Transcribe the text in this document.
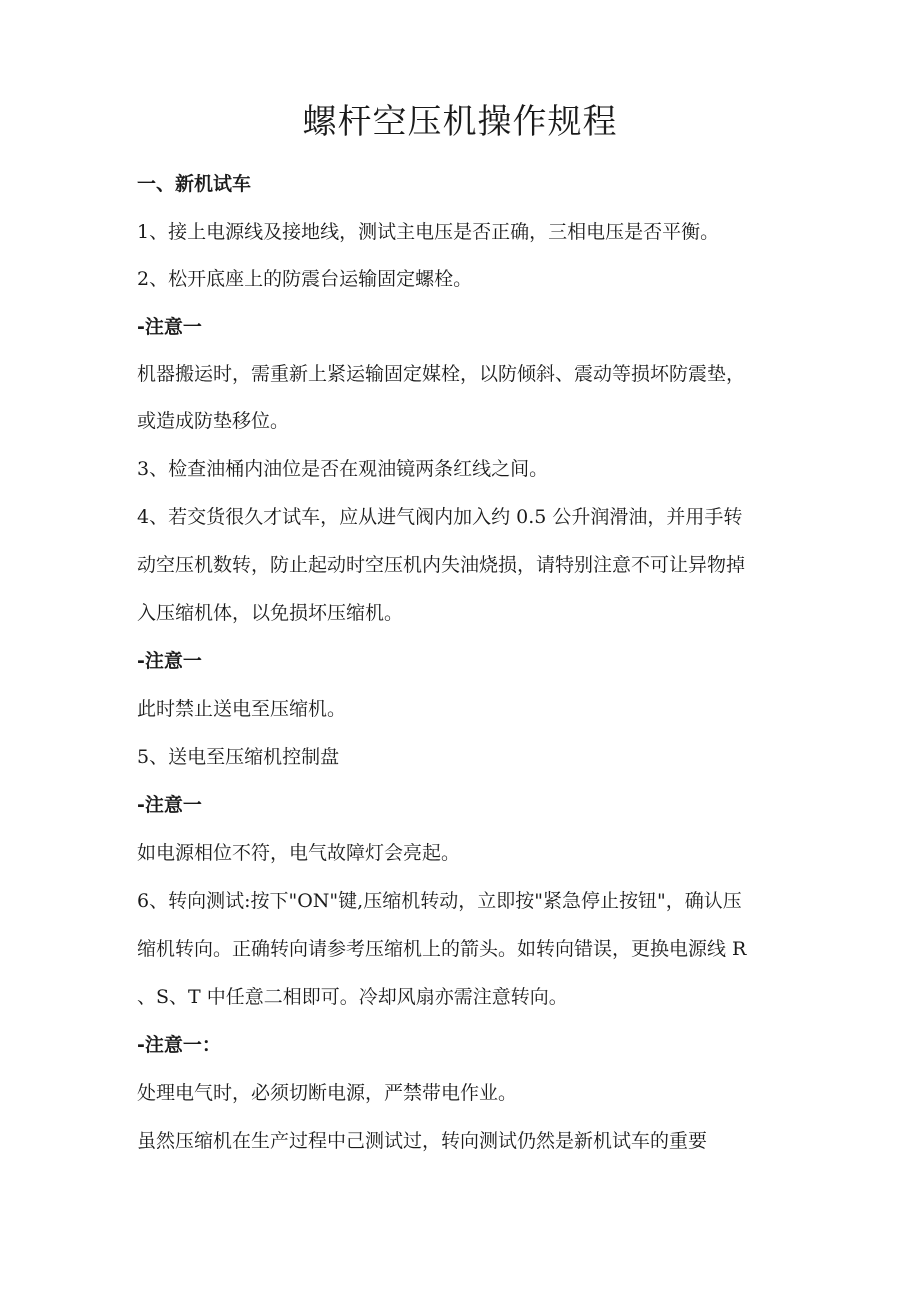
螺杆空压机操作规程

一、新机试车

1、接上电源线及接地线，测试主电压是否正确，三相电压是否平衡。

2、松开底座上的防震台运输固定螺栓。

-注意一

机器搬运时，需重新上紧运输固定媒栓，以防倾斜、震动等损坏防震垫，

或造成防垫移位。

3、检查油桶内油位是否在观油镜两条红线之间。

4、若交货很久才试车，应从进气阀内加入约 0.5 公升润滑油，并用手转

动空压机数转，防止起动时空压机内失油烧损，请特别注意不可让异物掉

入压缩机体，以免损坏压缩机。

-注意一

此时禁止送电至压缩机。

5、送电至压缩机控制盘

-注意一

如电源相位不符，电气故障灯会亮起。

6、转向测试:按下"ON"键,压缩机转动，立即按"紧急停止按钮"，确认压

缩机转向。正确转向请参考压缩机上的箭头。如转向错误，更换电源线 R

、S、T 中任意二相即可。冷却风扇亦需注意转向。

-注意一：

处理电气时，必须切断电源，严禁带电作业。

虽然压缩机在生产过程中己测试过，转向测试仍然是新机试车的重要
